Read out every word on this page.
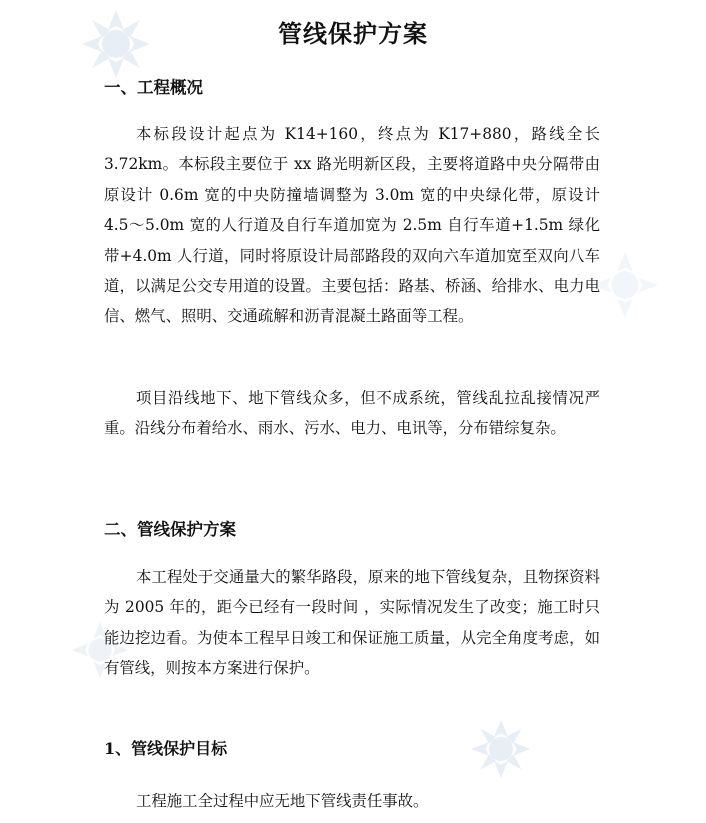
管线保护方案
一、工程概况
本标段设计起点为 K14+160，终点为 K17+880，路线全长 3.72km。本标段主要位于 xx 路光明新区段，主要将道路中央分隔带由原设计 0.6m 宽的中央防撞墙调整为 3.0m 宽的中央绿化带，原设计 4.5～5.0m 宽的人行道及自行车道加宽为 2.5m 自行车道+1.5m 绿化带+4.0m 人行道，同时将原设计局部路段的双向六车道加宽至双向八车道，以满足公交专用道的设置。主要包括：路基、桥涵、给排水、电力电信、燃气、照明、交通疏解和沥青混凝土路面等工程。
项目沿线地下、地下管线众多，但不成系统，管线乱拉乱接情况严重。沿线分布着给水、雨水、污水、电力、电讯等，分布错综复杂。
二、管线保护方案
本工程处于交通量大的繁华路段，原来的地下管线复杂，且物探资料为 2005 年的，距今已经有一段时间 ，实际情况发生了改变；施工时只能边挖边看。为使本工程早日竣工和保证施工质量，从完全角度考虑，如有管线，则按本方案进行保护。
1、管线保护目标
工程施工全过程中应无地下管线责任事故。
